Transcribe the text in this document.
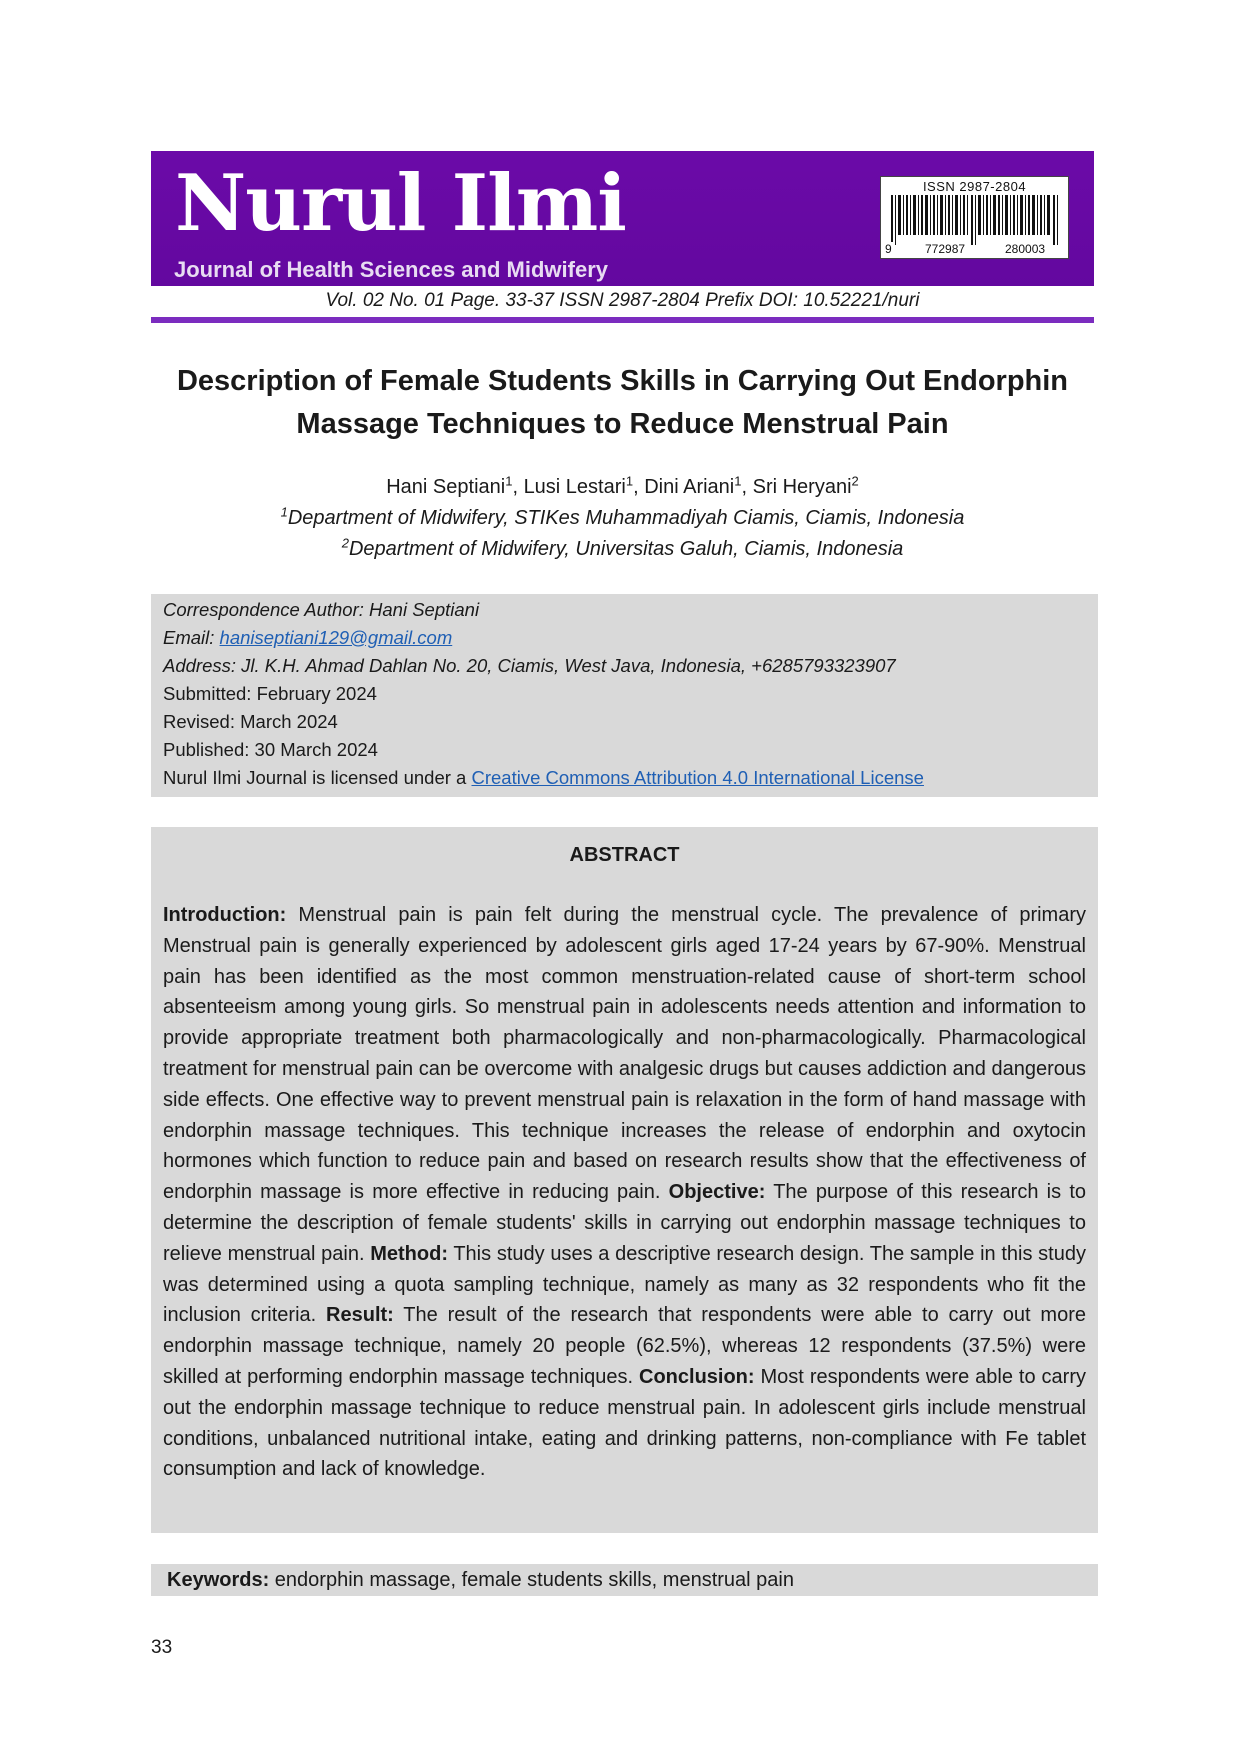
Nurul Ilmi
Journal of Health Sciences and Midwifery
ISSN 2987-2804
9	772987	280003
Vol. 02 No. 01 Page. 33-37 ISSN 2987-2804 Prefix DOI: 10.52221/nuri
Description of Female Students Skills in Carrying Out Endorphin Massage Techniques to Reduce Menstrual Pain
Hani Septiani$^1$, Lusi Lestari$^1$, Dini Ariani$^1$, Sri Heryani$^2$
$^1$Department of Midwifery, STIKes Muhammadiyah Ciamis, Ciamis, Indonesia
$^2$Department of Midwifery, Universitas Galuh, Ciamis, Indonesia
Correspondence Author: Hani Septiani
Email: haniseptiani129@gmail.com
Address: Jl. K.H. Ahmad Dahlan No. 20, Ciamis, West Java, Indonesia, +6285793323907
Submitted: February 2024
Revised: March 2024
Published: 30 March 2024
Nurul Ilmi Journal is licensed under a Creative Commons Attribution 4.0 International License
ABSTRACT
Introduction: Menstrual pain is pain felt during the menstrual cycle. The prevalence of primary Menstrual pain is generally experienced by adolescent girls aged 17-24 years by 67-90%. Menstrual pain has been identified as the most common menstruation-related cause of short-term school absenteeism among young girls. So menstrual pain in adolescents needs attention and information to provide appropriate treatment both pharmacologically and non-pharmacologically. Pharmacological treatment for menstrual pain can be overcome with analgesic drugs but causes addiction and dangerous side effects. One effective way to prevent menstrual pain is relaxation in the form of hand massage with endorphin massage techniques. This technique increases the release of endorphin and oxytocin hormones which function to reduce pain and based on research results show that the effectiveness of endorphin massage is more effective in reducing pain. Objective: The purpose of this research is to determine the description of female students' skills in carrying out endorphin massage techniques to relieve menstrual pain. Method: This study uses a descriptive research design. The sample in this study was determined using a quota sampling technique, namely as many as 32 respondents who fit the inclusion criteria. Result: The result of the research that respondents were able to carry out more endorphin massage technique, namely 20 people (62.5%), whereas 12 respondents (37.5%) were skilled at performing endorphin massage techniques. Conclusion: Most respondents were able to carry out the endorphin massage technique to reduce menstrual pain. In adolescent girls include menstrual conditions, unbalanced nutritional intake, eating and drinking patterns, non-compliance with Fe tablet consumption and lack of knowledge.
Keywords: endorphin massage, female students skills, menstrual pain
33
